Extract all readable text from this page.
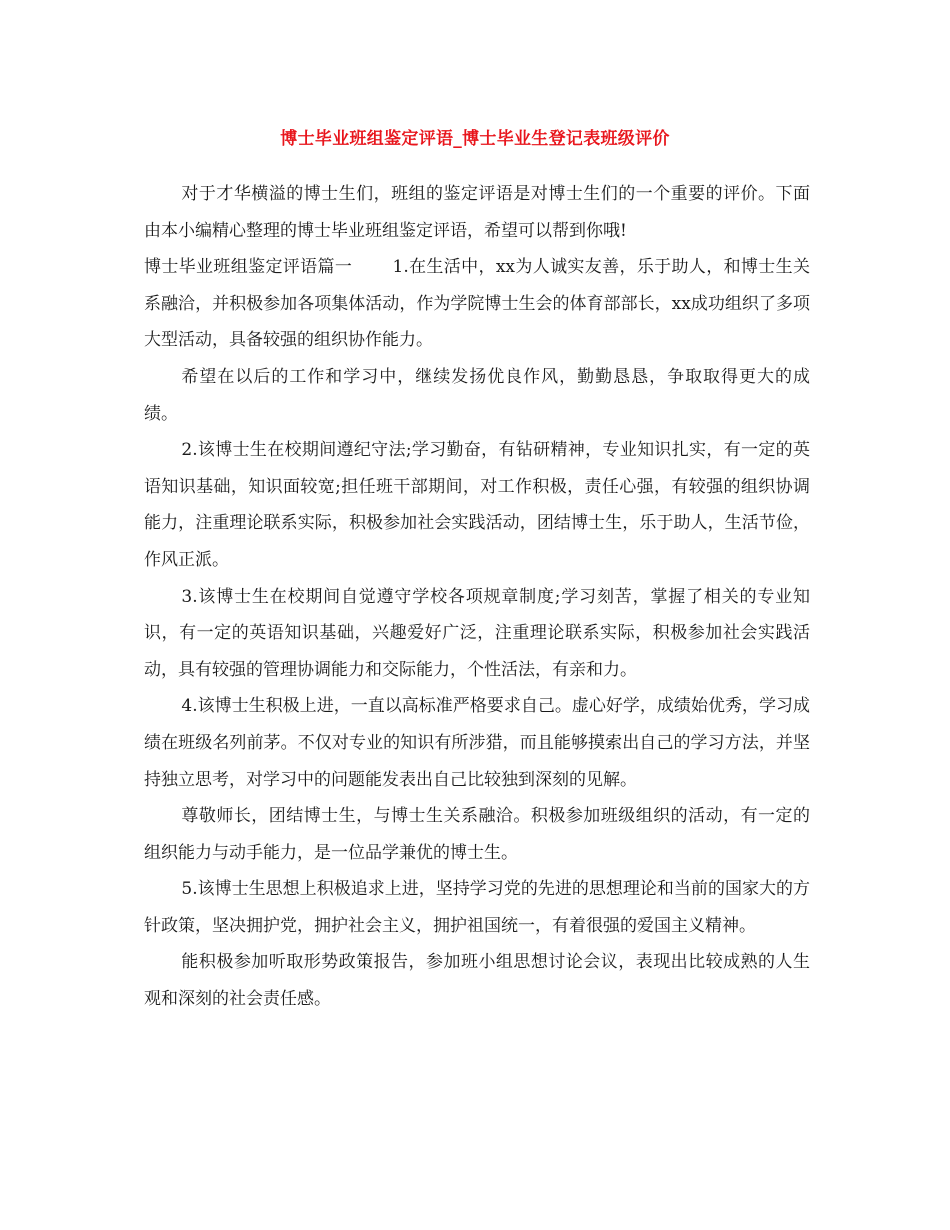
博士毕业班组鉴定评语_博士毕业生登记表班级评价

对于才华横溢的博士生们，班组的鉴定评语是对博士生们的一个重要的评价。下面由本小编精心整理的博士毕业班组鉴定评语，希望可以帮到你哦!

博士毕业班组鉴定评语篇一       1.在生活中，xx为人诚实友善，乐于助人，和博士生关系融洽，并积极参加各项集体活动，作为学院博士生会的体育部部长，xx成功组织了多项大型活动，具备较强的组织协作能力。

希望在以后的工作和学习中，继续发扬优良作风，勤勤恳恳，争取取得更大的成绩。

2.该博士生在校期间遵纪守法;学习勤奋，有钻研精神，专业知识扎实，有一定的英语知识基础，知识面较宽;担任班干部期间，对工作积极，责任心强，有较强的组织协调能力，注重理论联系实际，积极参加社会实践活动，团结博士生，乐于助人，生活节俭，作风正派。

3.该博士生在校期间自觉遵守学校各项规章制度;学习刻苦，掌握了相关的专业知识，有一定的英语知识基础，兴趣爱好广泛，注重理论联系实际，积极参加社会实践活动，具有较强的管理协调能力和交际能力，个性活法，有亲和力。

4.该博士生积极上进，一直以高标准严格要求自己。虚心好学，成绩始优秀，学习成绩在班级名列前茅。不仅对专业的知识有所涉猎，而且能够摸索出自己的学习方法，并坚持独立思考，对学习中的问题能发表出自己比较独到深刻的见解。

尊敬师长，团结博士生，与博士生关系融洽。积极参加班级组织的活动，有一定的组织能力与动手能力，是一位品学兼优的博士生。

5.该博士生思想上积极追求上进，坚持学习党的先进的思想理论和当前的国家大的方针政策，坚决拥护党，拥护社会主义，拥护祖国统一，有着很强的爱国主义精神。

能积极参加听取形势政策报告，参加班小组思想讨论会议，表现出比较成熟的人生观和深刻的社会责任感。
